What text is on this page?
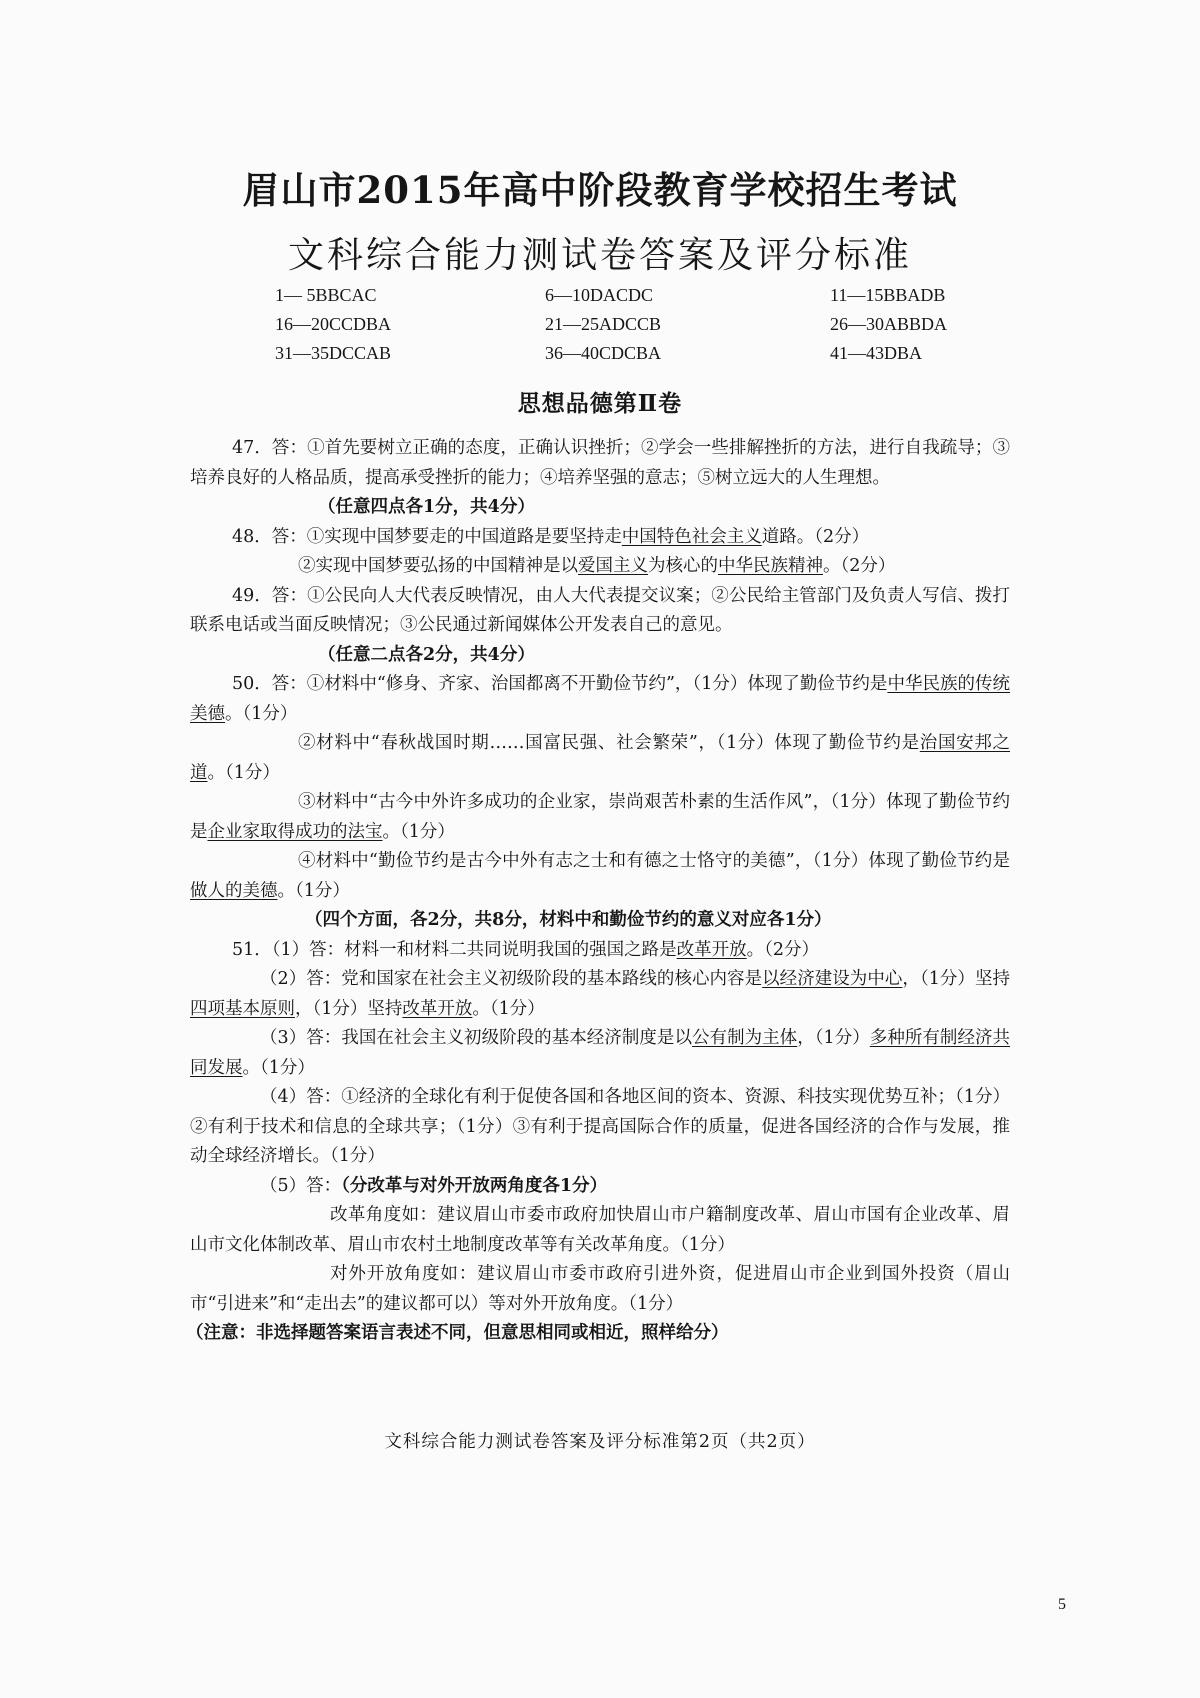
眉山市2015年高中阶段教育学校招生考试
文科综合能力测试卷答案及评分标准
1— 5BBCAC	6—10DACDC	11—15BBADB
16—20CCDBA	21—25ADCCB	26—30ABBDA
31—35DCCAB	36—40CDCBA	41—43DBA
思想品德第Ⅱ卷

47．答：①首先要树立正确的态度，正确认识挫折；②学会一些排解挫折的方法，进行自我疏导；③培养良好的人格品质，提高承受挫折的能力；④培养坚强的意志；⑤树立远大的人生理想。

（任意四点各1分，共4分）

48．答：①实现中国梦要走的中国道路是要坚持走中国特色社会主义道路。（2分）

②实现中国梦要弘扬的中国精神是以爱国主义为核心的中华民族精神。（2分）

49．答：①公民向人大代表反映情况，由人大代表提交议案；②公民给主管部门及负责人写信、拨打联系电话或当面反映情况；③公民通过新闻媒体公开发表自己的意见。

（任意二点各2分，共4分）

50．答：①材料中“修身、齐家、治国都离不开勤俭节约”，（1分）体现了勤俭节约是中华民族的传统美德。（1分）

②材料中“春秋战国时期……国富民强、社会繁荣”，（1分）体现了勤俭节约是治国安邦之道。（1分）

③材料中“古今中外许多成功的企业家，崇尚艰苦朴素的生活作风”，（1分）体现了勤俭节约是企业家取得成功的法宝。（1分）

④材料中“勤俭节约是古今中外有志之士和有德之士恪守的美德”，（1分）体现了勤俭节约是做人的美德。（1分）

（四个方面，各2分，共8分，材料中和勤俭节约的意义对应各1分）

51．（1）答：材料一和材料二共同说明我国的强国之路是改革开放。（2分）

（2）答：党和国家在社会主义初级阶段的基本路线的核心内容是以经济建设为中心，（1分）坚持四项基本原则，（1分）坚持改革开放。（1分）

（3）答：我国在社会主义初级阶段的基本经济制度是以公有制为主体，（1分）多种所有制经济共同发展。（1分）

（4）答：①经济的全球化有利于促使各国和各地区间的资本、资源、科技实现优势互补；（1分）②有利于技术和信息的全球共享；（1分）③有利于提高国际合作的质量，促进各国经济的合作与发展，推动全球经济增长。（1分）

（5）答：（分改革与对外开放两角度各1分）

改革角度如：建议眉山市委市政府加快眉山市户籍制度改革、眉山市国有企业改革、眉山市文化体制改革、眉山市农村土地制度改革等有关改革角度。（1分）

对外开放角度如：建议眉山市委市政府引进外资，促进眉山市企业到国外投资（眉山市“引进来”和“走出去”的建议都可以）等对外开放角度。（1分）

（注意：非选择题答案语言表述不同，但意思相同或相近，照样给分）

文科综合能力测试卷答案及评分标准第2页（共2页）
5
